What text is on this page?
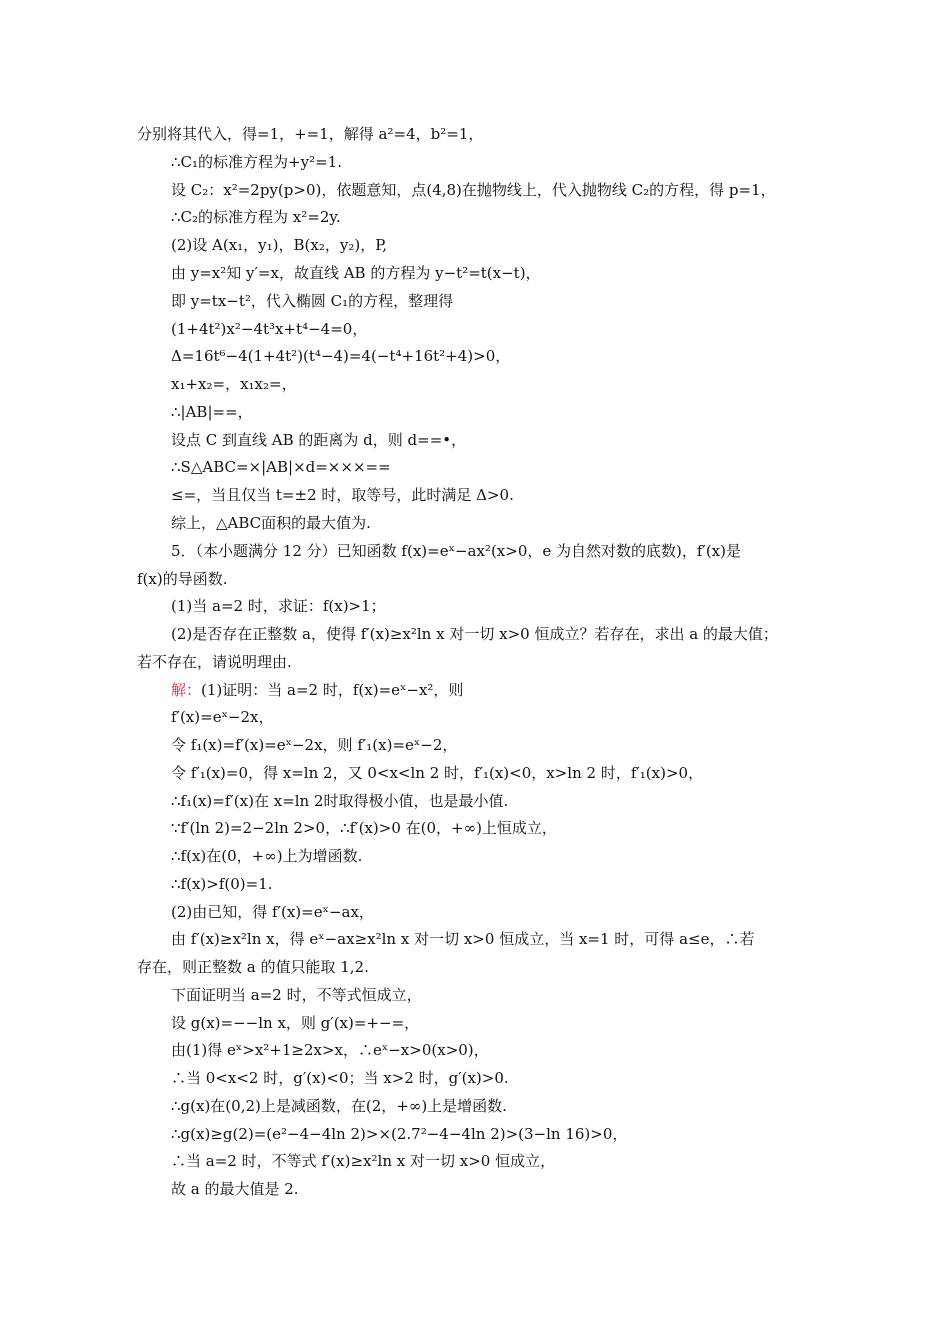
分别将其代入，得=1，+=1，解得 a²=4，b²=1，
∴C₁的标准方程为+y²=1.
设 C₂：x²=2py(p>0)，依题意知，点(4,8)在抛物线上，代入抛物线 C₂的方程，得 p=1，
∴C₂的标准方程为 x²=2y.
(2)设 A(x₁，y₁)，B(x₂，y₂)，P,
由 y=x²知 y′=x，故直线 AB 的方程为 y−t²=t(x−t)，
即 y=tx−t²，代入椭圆 C₁的方程，整理得
(1+4t²)x²−4t³x+t⁴−4=0，
Δ=16t⁶−4(1+4t²)(t⁴−4)=4(−t⁴+16t²+4)>0，
x₁+x₂=，x₁x₂=，
∴|AB|==，
设点 C 到直线 AB 的距离为 d，则 d==•，
∴S△ABC=×|AB|×d=×××==
≤=，当且仅当 t=±2 时，取等号，此时满足 Δ>0.
综上，△ABC面积的最大值为.
5．（本小题满分 12 分）已知函数 f(x)=eˣ−ax²(x>0，e 为自然对数的底数)，f′(x)是
f(x)的导函数.
(1)当 a=2 时，求证：f(x)>1；
(2)是否存在正整数 a，使得 f′(x)≥x²ln x 对一切 x>0 恒成立？若存在，求出 a 的最大值；
若不存在，请说明理由.
解：(1)证明：当 a=2 时，f(x)=eˣ−x²，则
f′(x)=eˣ−2x，
令 f₁(x)=f′(x)=eˣ−2x，则 f′₁(x)=eˣ−2，
令 f′₁(x)=0，得 x=ln 2，又 0<x<ln 2 时，f′₁(x)<0，x>ln 2 时，f′₁(x)>0，
∴f₁(x)=f′(x)在 x=ln 2时取得极小值，也是最小值.
∵f′(ln 2)=2−2ln 2>0，∴f′(x)>0 在(0，+∞)上恒成立，
∴f(x)在(0，+∞)上为增函数.
∴f(x)>f(0)=1.
(2)由已知，得 f′(x)=eˣ−ax，
由 f′(x)≥x²ln x，得 eˣ−ax≥x²ln x 对一切 x>0 恒成立，当 x=1 时，可得 a≤e，∴若
存在，则正整数 a 的值只能取 1,2.
下面证明当 a=2 时，不等式恒成立，
设 g(x)=−−ln x，则 g′(x)=+−=，
由(1)得 eˣ>x²+1≥2x>x，∴eˣ−x>0(x>0)，
∴当 0<x<2 时，g′(x)<0；当 x>2 时，g′(x)>0.
∴g(x)在(0,2)上是减函数，在(2，+∞)上是增函数.
∴g(x)≥g(2)=(e²−4−4ln 2)>×(2.7²−4−4ln 2)>(3−ln 16)>0，
∴当 a=2 时，不等式 f′(x)≥x²ln x 对一切 x>0 恒成立，
故 a 的最大值是 2.
